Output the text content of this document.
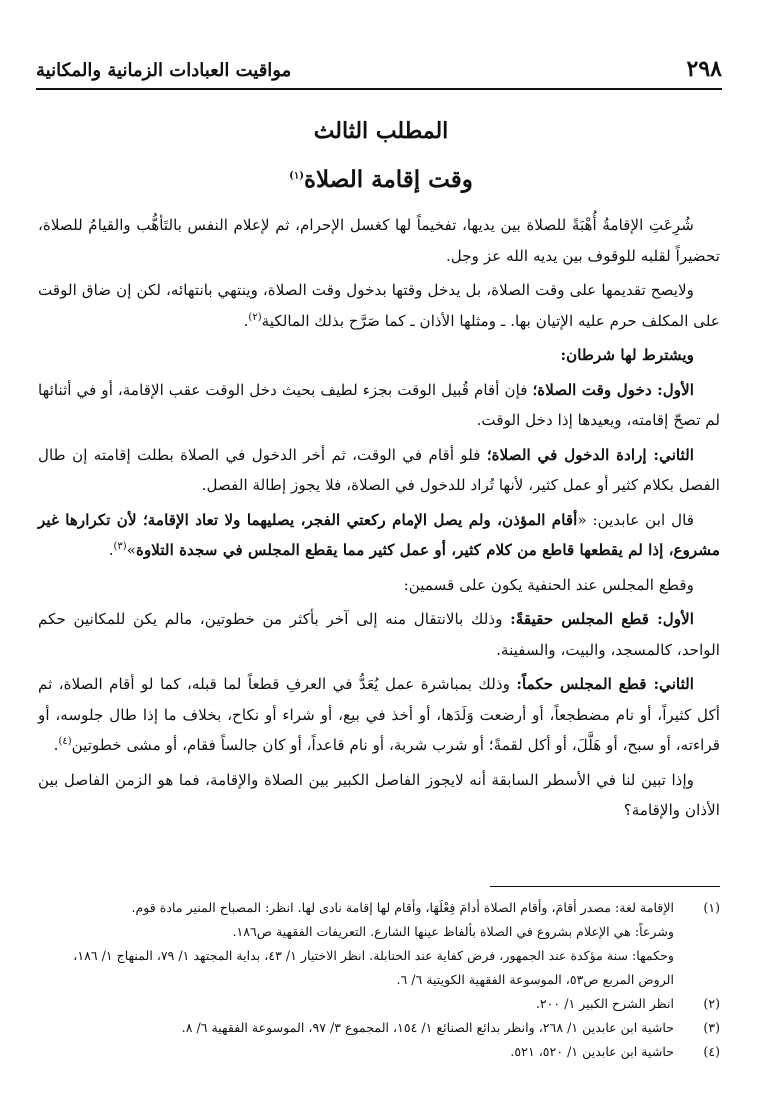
٢٩٨
مواقيت العبادات الزمانية والمكانية
المطلب الثالث
وقت إقامة الصلاة$^{(١)}$

شُرِعَتِ الإقامةُ أُهْبَةً للصلاة بين يديها، تفخيماً لها كغسل الإحرام، ثم لإعلام النفس بالتَأهُّب والقيامُ للصلاة، تحضيراً لقلبه للوقوف بين يديه الله عز وجل.

ولايصح تقديمها على وقت الصلاة، بل يدخل وقتها بدخول وقت الصلاة، وينتهي بانتهائه، لكن إن ضاق الوقت على المكلف حرم عليه الإتيان بها. ـ ومثلها الأذان ـ كما صَرَّح بذلك المالكية$^{(٢)}$.

ويشترط لها شرطان:

الأول: دخول وقت الصلاة؛ فإن أقام قُبيل الوقت بجزء لطيف بحيث دخل الوقت عقب الإقامة، أو في أثنائها لم تصحّ إقامته، ويعيدها إذا دخل الوقت.

الثاني: إرادة الدخول في الصلاة؛ فلو أقام في الوقت، ثم أخر الدخول في الصلاة بطلت إقامته إن طال الفصل بكلام كثير أو عمل كثير، لأنها تُراد للدخول في الصلاة، فلا يجوز إطالة الفصل.

قال ابن عابدين: «أقام المؤذن، ولم يصل الإمام ركعتي الفجر، يصليهما ولا تعاد الإقامة؛ لأن تكرارها غير مشروع، إذا لم يقطعها قاطع من كلام كثير، أو عمل كثير مما يقطع المجلس في سجدة التلاوة»$^{(٣)}$.

وقطع المجلس عند الحنفية يكون على قسمين:

الأول: قطع المجلس حقيقةً: وذلك بالانتقال منه إلى آخر بأكثر من خطوتين، مالم يكن للمكانين حكم الواحد، كالمسجد، والبيت، والسفينة.

الثاني: قطع المجلس حكماً: وذلك بمباشرة عمل يُعَدُّ في العرفِ قطعاً لما قبله، كما لو أقام الصلاة، ثم أكل كثيراً، أو نام مضطجعاً، أو أرضعت وَلَدَها، أو أخذ في بيع، أو شراء أو نكاح، بخلاف ما إذا طال جلوسه، أو قراءته، أو سبح، أو هَلَّلَ، أو أكل لقمةً؛ أو شرب شربة، أو نام قاعداً، أو كان جالساً فقام، أو مشى خطوتين$^{(٤)}$.

وإذا تبين لنا في الأسطر السابقة أنه لايجوز الفاصل الكبير بين الصلاة والإقامة، فما هو الزمن الفاصل بين الأذان والإقامة؟

(١)

الإقامة لغة: مصدر أقامَ، وأقام الصلاة أدامَ فِعْلَهَا، وأقام لها إقامة نادى لها. انظر: المصباح المنير مادة قوم.

وشرعاً: هي الإعلام بشروع في الصلاة بألفاظ عينها الشارع. التعريفات الفقهية ص١٨٦.

وحكمها: سنة مؤكدة عند الجمهور، فرض كفاية عند الحنابلة. انظر الاختيار ١/ ٤٣، بداية المجتهد ١/ ٧٩، المنهاج ١/ ١٨٦، الروض المربع ص٥٣، الموسوعة الفقهية الكويتية ٦/ ٦.

(٢)

انظر الشرح الكبير ١/ ٢٠٠.

(٣)

حاشية ابن عابدين ١/ ٢٦٨، وانظر بدائع الصنائع ١/ ١٥٤، المجموع ٣/ ٩٧، الموسوعة الفقهية ٦/ ٨.

(٤)

حاشية ابن عابدين ١/ ٥٢٠، ٥٢١.
